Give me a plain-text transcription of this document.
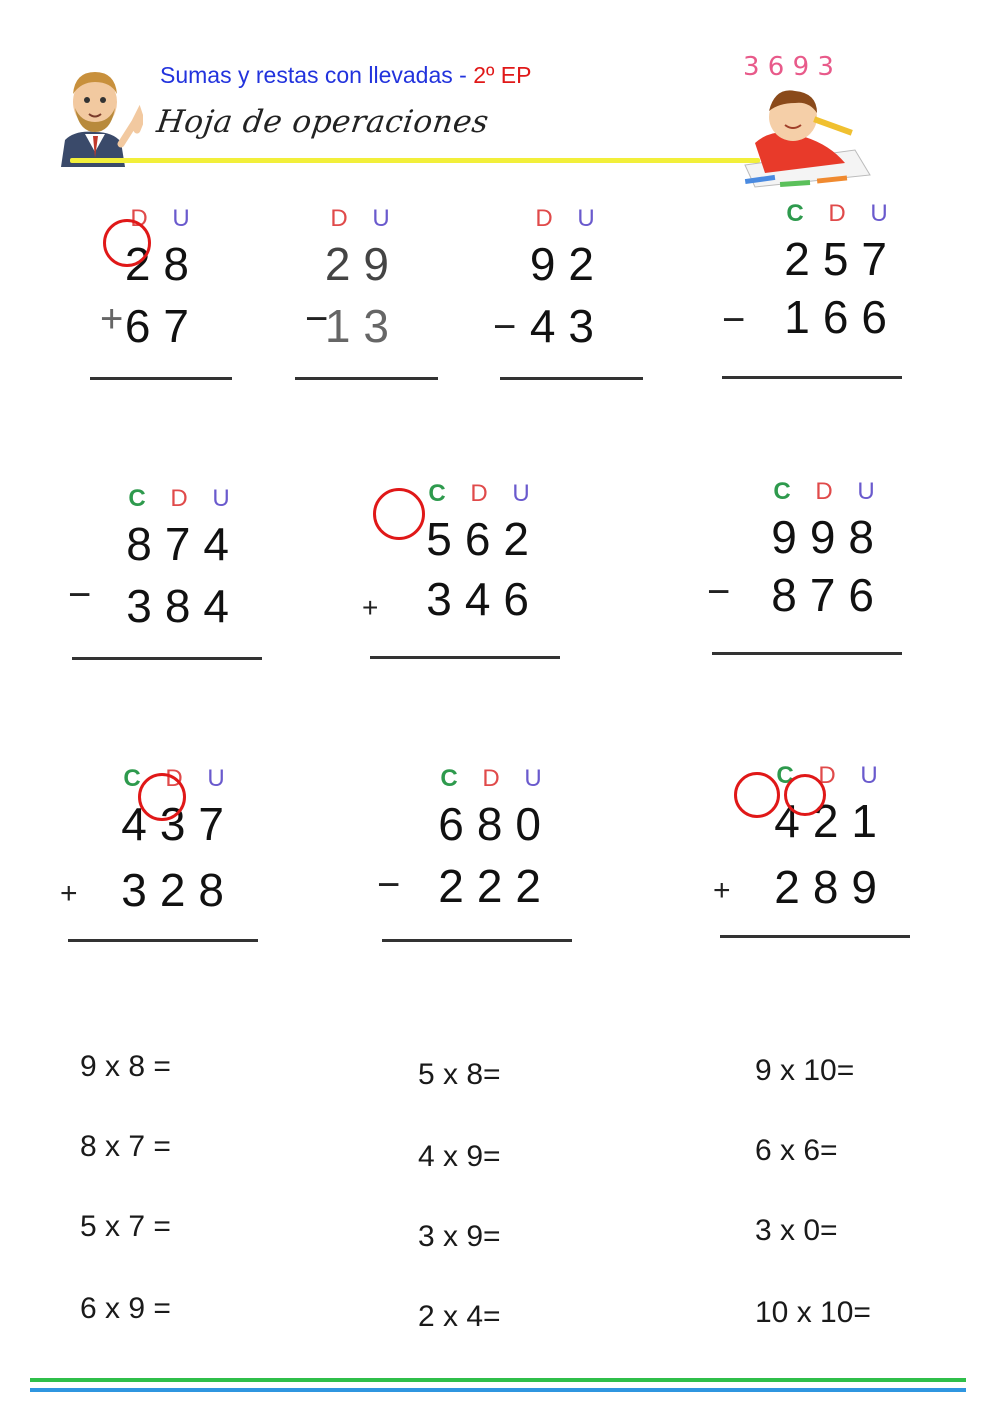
Sumas y restas con llevadas - 2º EP
Hoja de operaciones
3 6 9 3
D U
28
+ 67
D U
29
−
13
D U
92
− 43
C D U
257
− 166
C D U
874
− 384
C D U
562
+ 346
C D U
998
− 876
C D U
437
+ 328
C D U
680
− 222
C D U
421
+ 289
9 x 8 =
8 x 7 =
5 x 7 =
6 x 9 =
5 x 8=
4 x 9=
3 x 9=
2 x 4=
9 x 10=
6 x 6=
3 x 0=
10 x 10=
